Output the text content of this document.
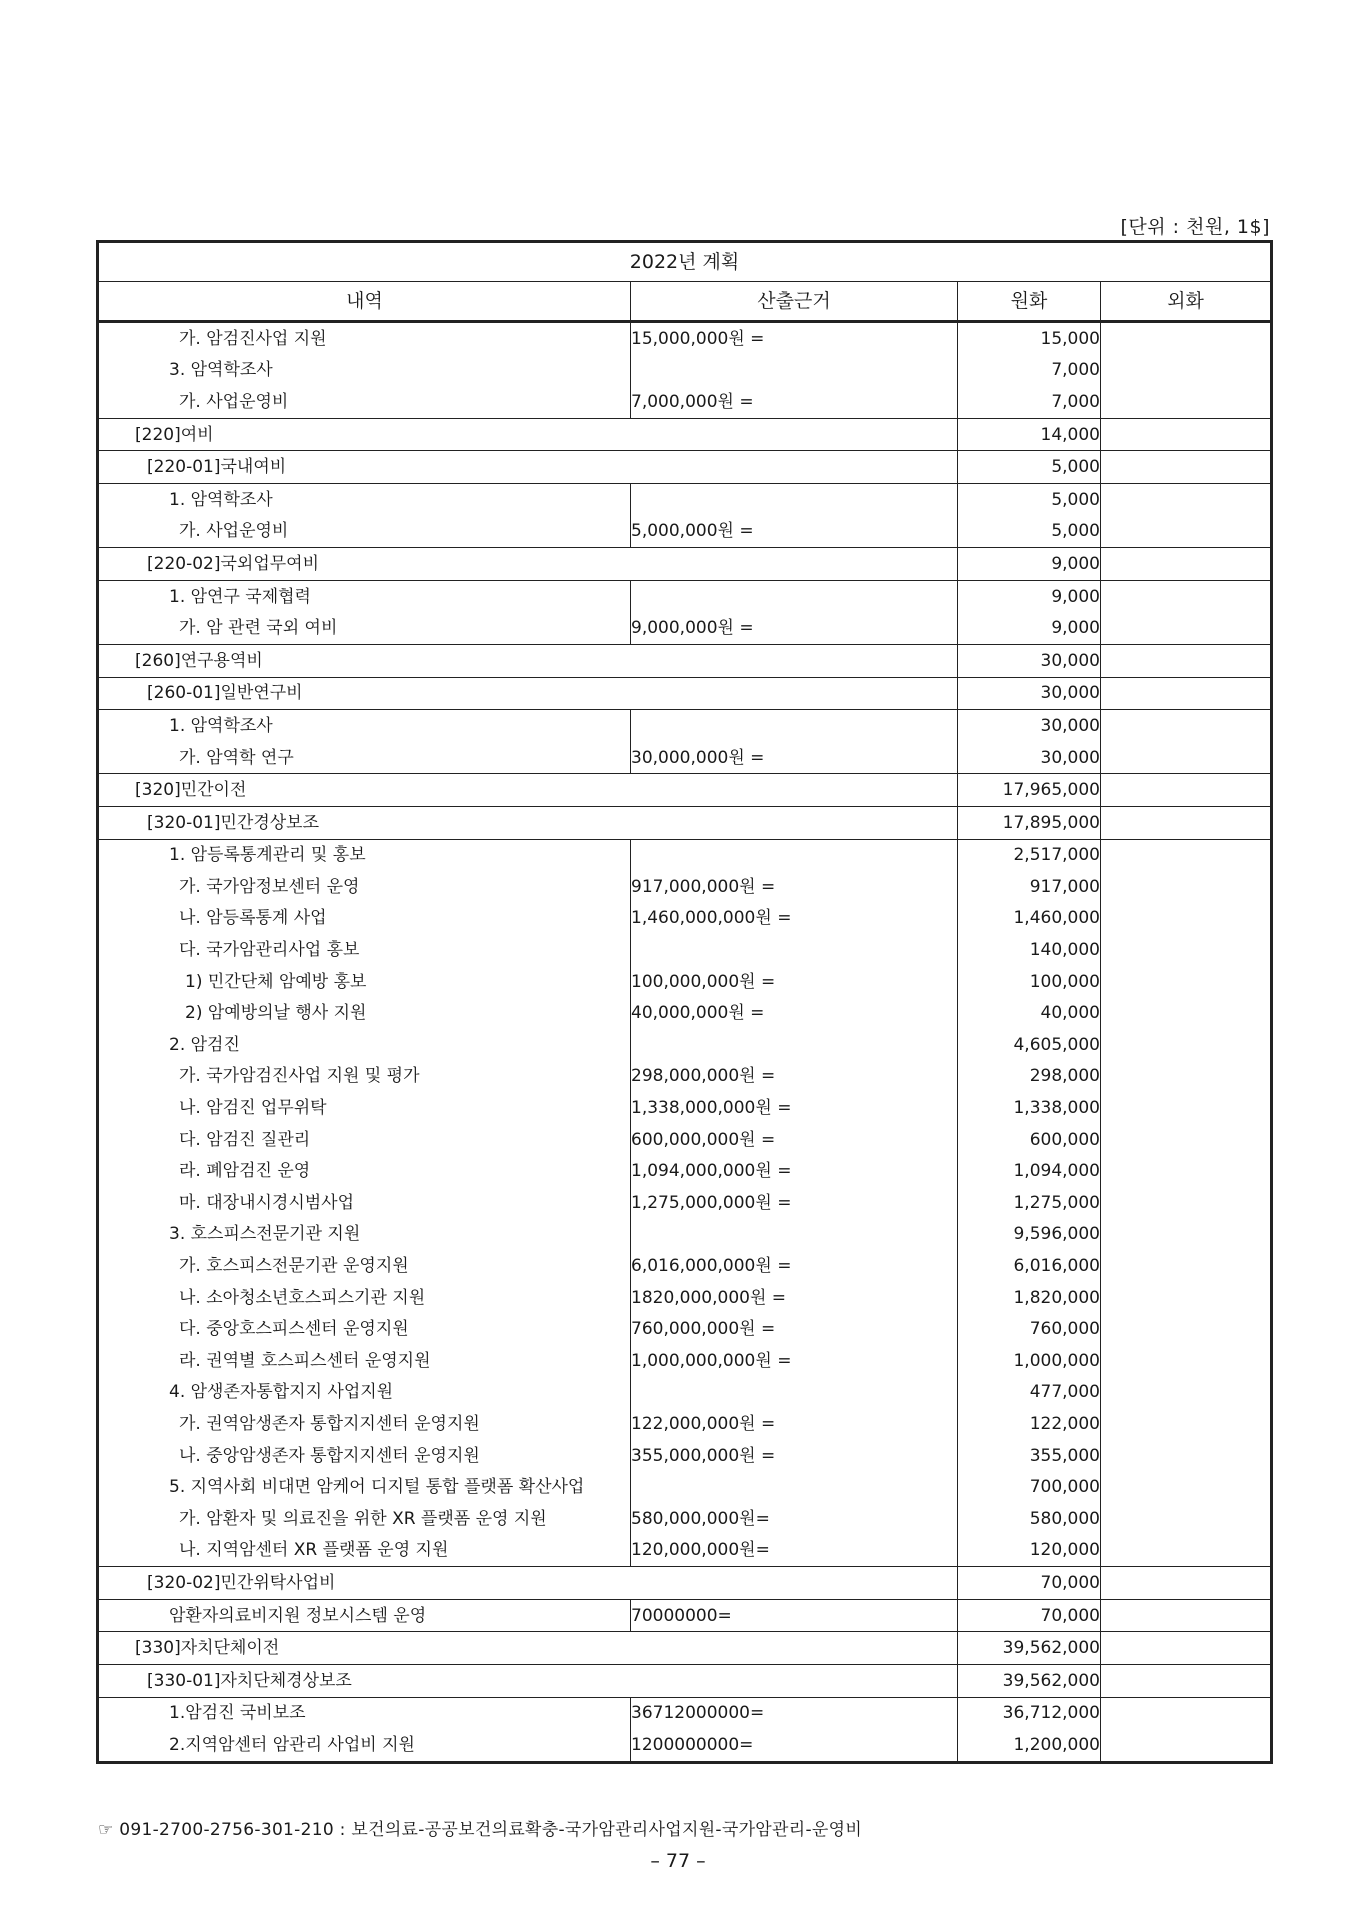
[단위 : 천원, 1$]
2022년 계획			
내역	산출근거	원화	외화
가. 암검진사업 지원	15,000,000원 =	15,000	
3. 암역학조사		7,000	
가. 사업운영비	7,000,000원 =	7,000	
[220]여비		14,000	
[220-01]국내여비		5,000	
1. 암역학조사		5,000	
가. 사업운영비	5,000,000원 =	5,000	
[220-02]국외업무여비		9,000	
1. 암연구 국제협력		9,000	
가. 암 관련 국외 여비	9,000,000원 =	9,000	
[260]연구용역비		30,000	
[260-01]일반연구비		30,000	
1. 암역학조사		30,000	
가. 암역학 연구	30,000,000원 =	30,000	
[320]민간이전		17,965,000	
[320-01]민간경상보조		17,895,000	
1. 암등록통계관리 및 홍보		2,517,000	
가. 국가암정보센터 운영	917,000,000원 =	917,000	
나. 암등록통계 사업	1,460,000,000원 =	1,460,000	
다. 국가암관리사업 홍보		140,000	
1) 민간단체 암예방 홍보	100,000,000원 =	100,000	
2) 암예방의날 행사 지원	40,000,000원 =	40,000	
2. 암검진		4,605,000	
가. 국가암검진사업 지원 및 평가	298,000,000원 =	298,000	
나. 암검진 업무위탁	1,338,000,000원 =	1,338,000	
다. 암검진 질관리	600,000,000원 =	600,000	
라. 폐암검진 운영	1,094,000,000원 =	1,094,000	
마. 대장내시경시범사업	1,275,000,000원 =	1,275,000	
3. 호스피스전문기관 지원		9,596,000	
가. 호스피스전문기관 운영지원	6,016,000,000원 =	6,016,000	
나. 소아청소년호스피스기관 지원	1820,000,000원 =	1,820,000	
다. 중앙호스피스센터 운영지원	760,000,000원 =	760,000	
라. 권역별 호스피스센터 운영지원	1,000,000,000원 =	1,000,000	
4. 암생존자통합지지 사업지원		477,000	
가. 권역암생존자 통합지지센터 운영지원	122,000,000원 =	122,000	
나. 중앙암생존자 통합지지센터 운영지원	355,000,000원 =	355,000	
5. 지역사회 비대면 암케어 디지털 통합 플랫폼 확산사업		700,000	
가. 암환자 및 의료진을 위한 XR 플랫폼 운영 지원	580,000,000원=	580,000	
나. 지역암센터 XR 플랫폼 운영 지원	120,000,000원=	120,000	
[320-02]민간위탁사업비		70,000	
암환자의료비지원 정보시스템 운영	70000000=	70,000	
[330]자치단체이전		39,562,000	
[330-01]자치단체경상보조		39,562,000	
1.암검진 국비보조	36712000000=	36,712,000	
2.지역암센터 암관리 사업비 지원	1200000000=	1,200,000	
☞ 091-2700-2756-301-210 : 보건의료-공공보건의료확충-국가암관리사업지원-국가암관리-운영비
– 77 –
